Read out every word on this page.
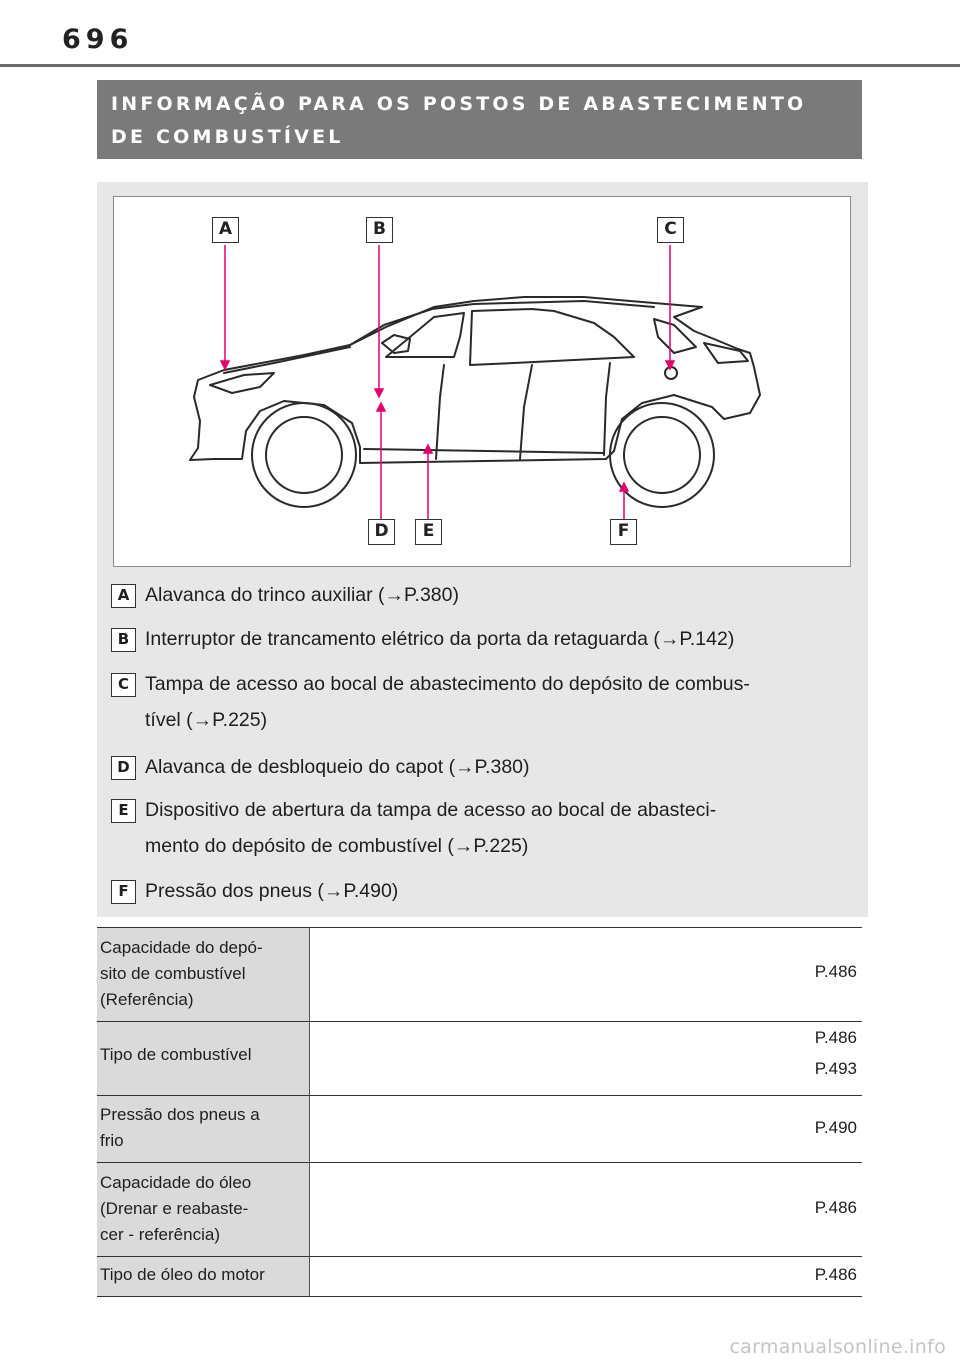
696
INFORMAÇÃO PARA OS POSTOS DE ABASTECIMENTO
DE COMBUSTÍVEL
A	B	C
D	E	F
A Alavanca do trinco auxiliar (→P.380)
B Interruptor de trancamento elétrico da porta da retaguarda (→P.142)
C Tampa de acesso ao bocal de abastecimento do depósito de combus-
tível (→P.225)
D Alavanca de desbloqueio do capot (→P.380)
E Dispositivo de abertura da tampa de acesso ao bocal de abasteci-
mento do depósito de combustível (→P.225)
F Pressão dos pneus (→P.490)
Capacidade do depó-
sito de combustível
(Referência)
P.486
Tipo de combustível
P.486
P.493
Pressão dos pneus a
frio
P.490
Capacidade do óleo
(Drenar e reabaste-
cer - referência)
P.486
Tipo de óleo do motor	P.486
carmanualsonline.info
